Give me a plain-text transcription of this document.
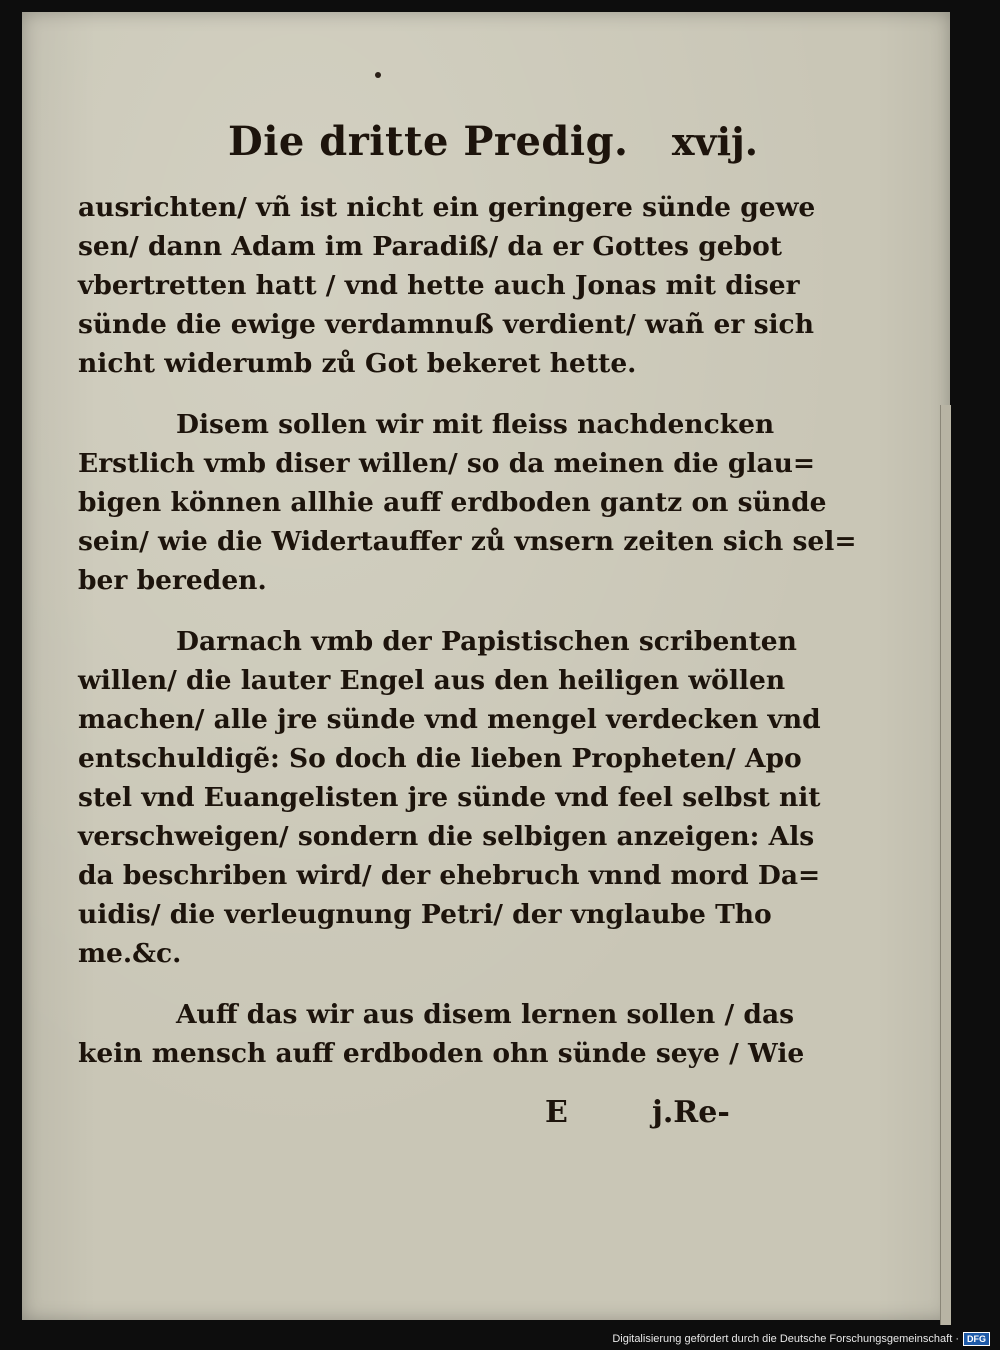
Die dritte Predig. xvij.
ausrichten/ vñ ist nicht ein geringere sünde gewe
sen/ dann Adam im Paradiß/ da er Gottes gebot
vbertretten hatt / vnd hette auch Jonas mit diser
sünde die ewige verdamnuß verdient/ wañ er sich
nicht widerumb zů Got bekeret hette.
Disem sollen wir mit fleiss nachdencken
Erstlich vmb diser willen/ so da meinen die glau=
bigen können allhie auff erdboden gantz on sünde
sein/ wie die Widertauffer zů vnsern zeiten sich sel=
ber bereden.
Darnach vmb der Papistischen scribenten
willen/ die lauter Engel aus den heiligen wöllen
machen/ alle jre sünde vnd mengel verdecken vnd
entschuldigẽ: So doch die lieben Propheten/ Apo
stel vnd Euangelisten jre sünde vnd feel selbst nit
verschweigen/ sondern die selbigen anzeigen: Als
da beschriben wird/ der ehebruch vnnd mord Da=
uidis/ die verleugnung Petri/ der vnglaube Tho
me.&c.
Auff das wir aus disem lernen sollen / das
kein mensch auff erdboden ohn sünde seye / Wie
E	j.Re-
Digitalisierung gefördert durch die Deutsche Forschungsgemeinschaft · DFG
